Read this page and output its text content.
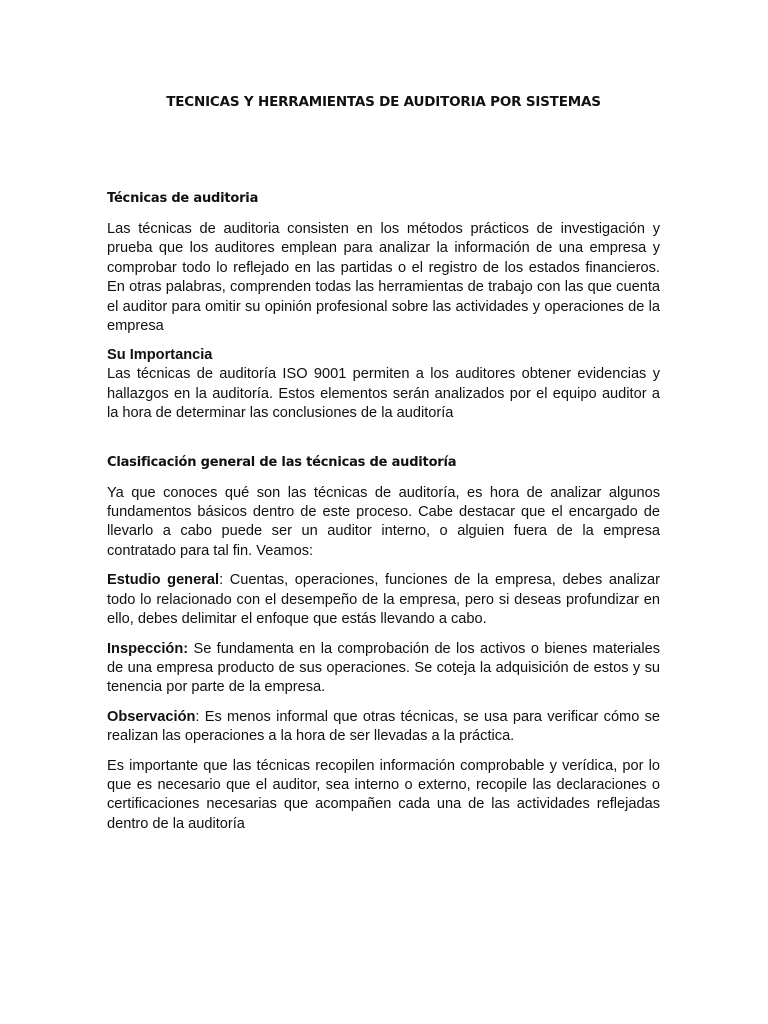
TECNICAS Y HERRAMIENTAS DE AUDITORIA POR SISTEMAS
Técnicas de auditoria

Las técnicas de auditoria consisten en los métodos prácticos de investigación y prueba que los auditores emplean para analizar la información de una empresa y comprobar todo lo reflejado en las partidas o el registro de los estados financieros. En otras palabras, comprenden todas las herramientas de trabajo con las que cuenta el auditor para omitir su opinión profesional sobre las actividades y operaciones de la empresa

Su Importancia

Las técnicas de auditoría ISO 9001 permiten a los auditores obtener evidencias y hallazgos en la auditoría. Estos elementos serán analizados por el equipo auditor a la hora de determinar las conclusiones de la auditoría

Clasificación general de las técnicas de auditoría

Ya que conoces qué son las técnicas de auditoría, es hora de analizar algunos fundamentos básicos dentro de este proceso. Cabe destacar que el encargado de llevarlo a cabo puede ser un auditor interno, o alguien fuera de la empresa contratado para tal fin. Veamos:

Estudio general: Cuentas, operaciones, funciones de la empresa, debes analizar todo lo relacionado con el desempeño de la empresa, pero si deseas profundizar en ello, debes delimitar el enfoque que estás llevando a cabo.

Inspección: Se fundamenta en la comprobación de los activos o bienes materiales de una empresa producto de sus operaciones. Se coteja la adquisición de estos y su tenencia por parte de la empresa.

Observación: Es menos informal que otras técnicas, se usa para verificar cómo se realizan las operaciones a la hora de ser llevadas a la práctica.

Es importante que las técnicas recopilen información comprobable y verídica, por lo que es necesario que el auditor, sea interno o externo, recopile las declaraciones o certificaciones necesarias que acompañen cada una de las actividades reflejadas dentro de la auditoría
